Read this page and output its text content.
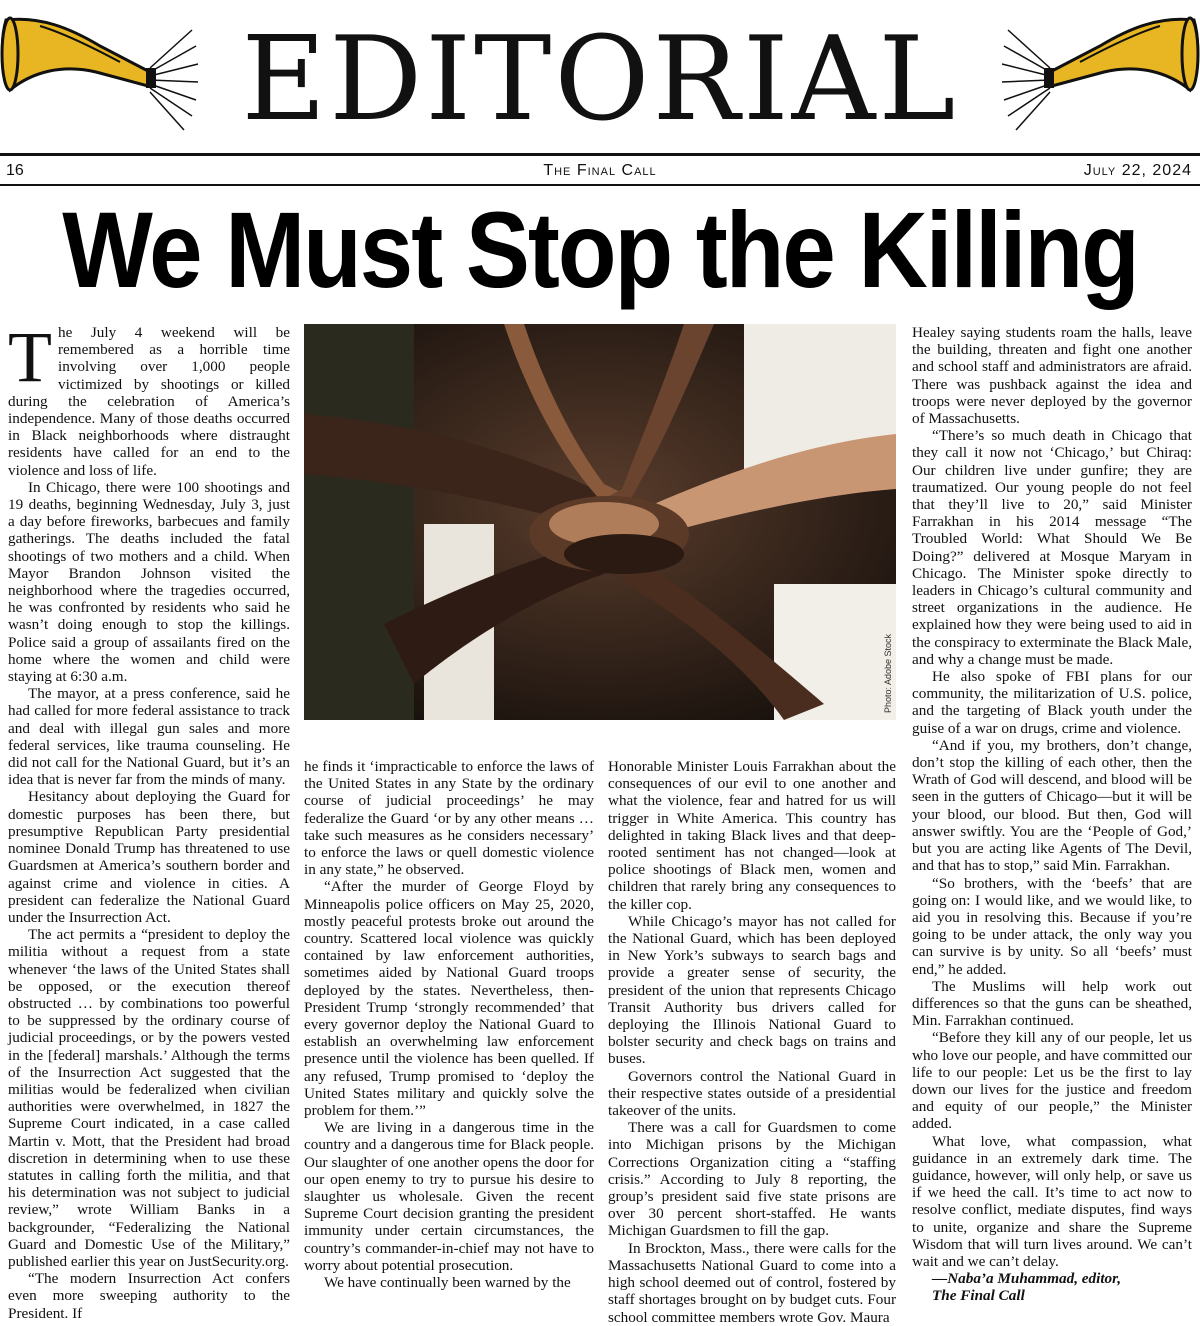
EDITORIAL
16	The Final Call	July 22, 2024
We Must Stop the Killing

The July 4 weekend will be remembered as a horrible time involving over 1,000 people victimized by shootings or killed during the celebration of America’s independence. Many of those deaths occurred in Black neighborhoods where distraught residents have called for an end to the violence and loss of life.

In Chicago, there were 100 shootings and 19 deaths, beginning Wednesday, July 3, just a day before fireworks, barbecues and family gatherings. The deaths included the fatal shootings of two mothers and a child. When Mayor Brandon Johnson visited the neighborhood where the tragedies occurred, he was confronted by residents who said he wasn’t doing enough to stop the killings. Police said a group of assailants fired on the home where the women and child were staying at 6:30 a.m.

The mayor, at a press conference, said he had called for more federal assistance to track and deal with illegal gun sales and more federal services, like trauma counseling. He did not call for the National Guard, but it’s an idea that is never far from the minds of many.

Hesitancy about deploying the Guard for domestic purposes has been there, but presumptive Republican Party presidential nominee Donald Trump has threatened to use Guardsmen at America’s southern border and against crime and violence in cities. A president can federalize the National Guard under the Insurrection Act.

The act permits a “president to deploy the militia without a request from a state whenever ‘the laws of the United States shall be opposed, or the execution thereof obstructed … by combinations too powerful to be suppressed by the ordinary course of judicial proceedings, or by the powers vested in the [federal] marshals.’ Although the terms of the Insurrection Act suggested that the militias would be federalized when civilian authorities were overwhelmed, in 1827 the Supreme Court indicated, in a case called Martin v. Mott, that the President had broad discretion in determining when to use these statutes in calling forth the militia, and that his determination was not subject to judicial review,” wrote William Banks in a backgrounder, “Federalizing the National Guard and Domestic Use of the Military,” published earlier this year on JustSecurity.org.

“The modern Insurrection Act confers even more sweeping authority to the President. If

Photo: Adobe Stock

he finds it ‘impracticable to enforce the laws of the United States in any State by the ordinary course of judicial proceedings’ he may federalize the Guard ‘or by any other means … take such measures as he considers necessary’ to enforce the laws or quell domestic violence in any state,” he observed.

“After the murder of George Floyd by Minneapolis police officers on May 25, 2020, mostly peaceful protests broke out around the country. Scattered local violence was quickly contained by law enforcement authorities, sometimes aided by National Guard troops deployed by the states. Nevertheless, then-President Trump ‘strongly recommended’ that every governor deploy the National Guard to establish an overwhelming law enforcement presence until the violence has been quelled. If any refused, Trump promised to ‘deploy the United States military and quickly solve the problem for them.’”

We are living in a dangerous time in the country and a dangerous time for Black people. Our slaughter of one another opens the door for our open enemy to try to pursue his desire to slaughter us wholesale. Given the recent Supreme Court decision granting the president immunity under certain circumstances, the country’s commander-in-chief may not have to worry about potential prosecution.

We have continually been warned by the

Honorable Minister Louis Farrakhan about the consequences of our evil to one another and what the violence, fear and hatred for us will trigger in White America. This country has delighted in taking Black lives and that deep-rooted sentiment has not changed—look at police shootings of Black men, women and children that rarely bring any consequences to the killer cop.

While Chicago’s mayor has not called for the National Guard, which has been deployed in New York’s subways to search bags and provide a greater sense of security, the president of the union that represents Chicago Transit Authority bus drivers called for deploying the Illinois National Guard to bolster security and check bags on trains and buses.

Governors control the National Guard in their respective states outside of a presidential takeover of the units.

There was a call for Guardsmen to come into Michigan prisons by the Michigan Corrections Organization citing a “staffing crisis.” According to July 8 reporting, the group’s president said five state prisons are over 30 percent short-staffed. He wants Michigan Guardsmen to fill the gap.

In Brockton, Mass., there were calls for the Massachusetts National Guard to come into a high school deemed out of control, fostered by staff shortages brought on by budget cuts. Four school committee members wrote Gov. Maura

Healey saying students roam the halls, leave the building, threaten and fight one another and school staff and administrators are afraid. There was pushback against the idea and troops were never deployed by the governor of Massachusetts.

“There’s so much death in Chicago that they call it now not ‘Chicago,’ but Chiraq: Our children live under gunfire; they are traumatized. Our young people do not feel that they’ll live to 20,” said Minister Farrakhan in his 2014 message “The Troubled World: What Should We Be Doing?” delivered at Mosque Maryam in Chicago. The Minister spoke directly to leaders in Chicago’s cultural community and street organizations in the audience. He explained how they were being used to aid in the conspiracy to exterminate the Black Male, and why a change must be made.

He also spoke of FBI plans for our community, the militarization of U.S. police, and the targeting of Black youth under the guise of a war on drugs, crime and violence.

“And if you, my brothers, don’t change, don’t stop the killing of each other, then the Wrath of God will descend, and blood will be seen in the gutters of Chicago—but it will be your blood, our blood. But then, God will answer swiftly. You are the ‘People of God,’ but you are acting like Agents of The Devil, and that has to stop,” said Min. Farrakhan.

“So brothers, with the ‘beefs’ that are going on: I would like, and we would like, to aid you in resolving this. Because if you’re going to be under attack, the only way you can survive is by unity. So all ‘beefs’ must end,” he added.

The Muslims will help work out differences so that the guns can be sheathed, Min. Farrakhan continued.

“Before they kill any of our people, let us who love our people, and have committed our life to our people: Let us be the first to lay down our lives for the justice and freedom and equity of our people,” the Minister added.

What love, what compassion, what guidance in an extremely dark time. The guidance, however, will only help, or save us if we heed the call. It’s time to act now to resolve conflict, mediate disputes, find ways to unite, organize and share the Supreme Wisdom that will turn lives around. We can’t wait and we can’t delay.

—Naba’a Muhammad, editor,

The Final Call
